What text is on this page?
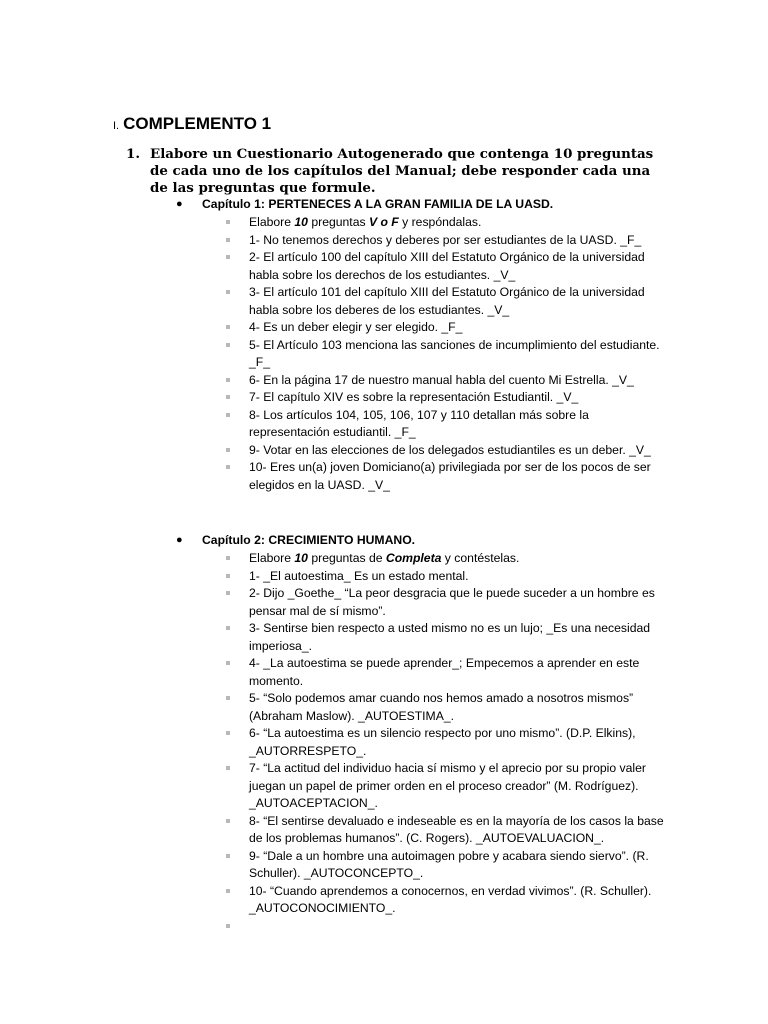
I. COMPLEMENTO 1
1. Elabore un Cuestionario Autogenerado que contenga 10 preguntas de cada uno de los capítulos del Manual; debe responder cada una de las preguntas que formule.
● Capítulo 1: PERTENECES A LA GRAN FAMILIA DE LA UASD.
Elabore 10 preguntas V o F y respóndalas.
1- No tenemos derechos y deberes por ser estudiantes de la UASD. _F_
2- El artículo 100 del capítulo XIII del Estatuto Orgánico de la universidad habla sobre los derechos de los estudiantes. _V_
3- El artículo 101 del capítulo XIII del Estatuto Orgánico de la universidad habla sobre los deberes de los estudiantes. _V_
4- Es un deber elegir y ser elegido. _F_
5- El Artículo 103 menciona las sanciones de incumplimiento del estudiante. _F_
6- En la página 17 de nuestro manual habla del cuento Mi Estrella. _V_
7- El capítulo XIV es sobre la representación Estudiantil. _V_
8- Los artículos 104, 105, 106, 107 y 110 detallan más sobre la representación estudiantil. _F_
9- Votar en las elecciones de los delegados estudiantiles es un deber. _V_
10- Eres un(a) joven Domiciano(a) privilegiada por ser de los pocos de ser elegidos en la UASD. _V_
● Capítulo 2: CRECIMIENTO HUMANO.
Elabore 10 preguntas de Completa y contéstelas.
1- _El autoestima_ Es un estado mental.
2- Dijo _Goethe_ “La peor desgracia que le puede suceder a un hombre es pensar mal de sí mismo”.
3- Sentirse bien respecto a usted mismo no es un lujo; _Es una necesidad imperiosa_.
4- _La autoestima se puede aprender_; Empecemos a aprender en este momento.
5- “Solo podemos amar cuando nos hemos amado a nosotros mismos” (Abraham Maslow). _AUTOESTIMA_.
6- “La autoestima es un silencio respecto por uno mismo”. (D.P. Elkins), _AUTORRESPETO_.
7- “La actitud del individuo hacia sí mismo y el aprecio por su propio valer juegan un papel de primer orden en el proceso creador” (M. Rodríguez). _AUTOACEPTACION_.
8- “El sentirse devaluado e indeseable es en la mayoría de los casos la base de los problemas humanos”. (C. Rogers). _AUTOEVALUACION_.
9- “Dale a un hombre una autoimagen pobre y acabara siendo siervo”. (R. Schuller). _AUTOCONCEPTO_.
10- “Cuando aprendemos a conocernos, en verdad vivimos”. (R. Schuller). _AUTOCONOCIMIENTO_.
